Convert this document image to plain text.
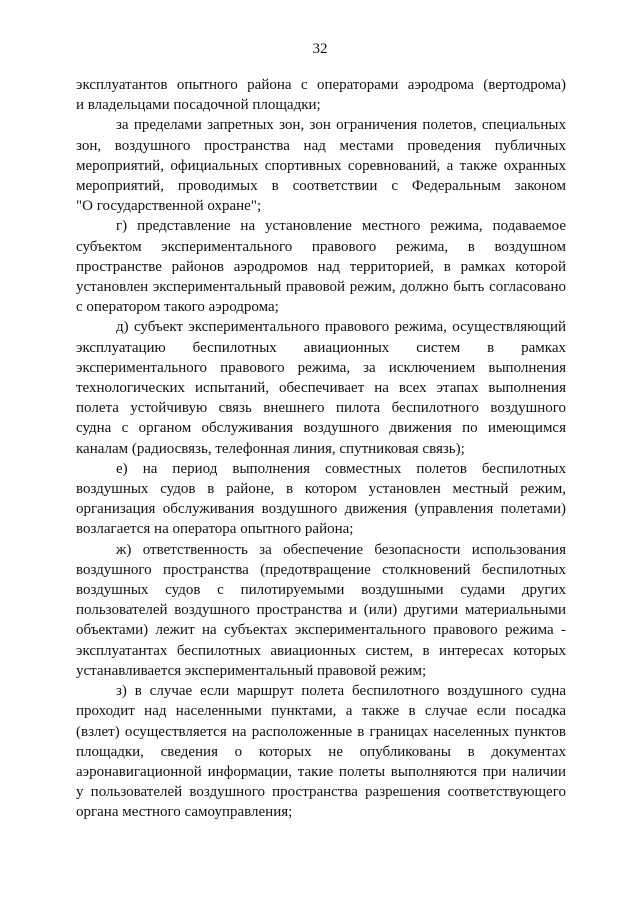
32
эксплуатантов опытного района с операторами аэродрома (вертодрома)
и владельцами посадочной площадки;
за пределами запретных зон, зон ограничения полетов, специальных
зон, воздушного пространства над местами проведения публичных
мероприятий, официальных спортивных соревнований, а также охранных
мероприятий, проводимых в соответствии с Федеральным законом
"О государственной охране";
г) представление на установление местного режима, подаваемое
субъектом экспериментального правового режима, в воздушном
пространстве районов аэродромов над территорией, в рамках которой
установлен экспериментальный правовой режим, должно быть согласовано
с оператором такого аэродрома;
д) субъект экспериментального правового режима, осуществляющий
эксплуатацию беспилотных авиационных систем в рамках
экспериментального правового режима, за исключением выполнения
технологических испытаний, обеспечивает на всех этапах выполнения
полета устойчивую связь внешнего пилота беспилотного воздушного
судна с органом обслуживания воздушного движения по имеющимся
каналам (радиосвязь, телефонная линия, спутниковая связь);
е) на период выполнения совместных полетов беспилотных
воздушных судов в районе, в котором установлен местный режим,
организация обслуживания воздушного движения (управления полетами)
возлагается на оператора опытного района;
ж) ответственность за обеспечение безопасности использования
воздушного пространства (предотвращение столкновений беспилотных
воздушных судов с пилотируемыми воздушными судами других
пользователей воздушного пространства и (или) другими материальными
объектами) лежит на субъектах экспериментального правового режима -
эксплуатантах беспилотных авиационных систем, в интересах которых
устанавливается экспериментальный правовой режим;
з) в случае если маршрут полета беспилотного воздушного судна
проходит над населенными пунктами, а также в случае если посадка
(взлет) осуществляется на расположенные в границах населенных пунктов
площадки, сведения о которых не опубликованы в документах
аэронавигационной информации, такие полеты выполняются при наличии
у пользователей воздушного пространства разрешения соответствующего
органа местного самоуправления;
